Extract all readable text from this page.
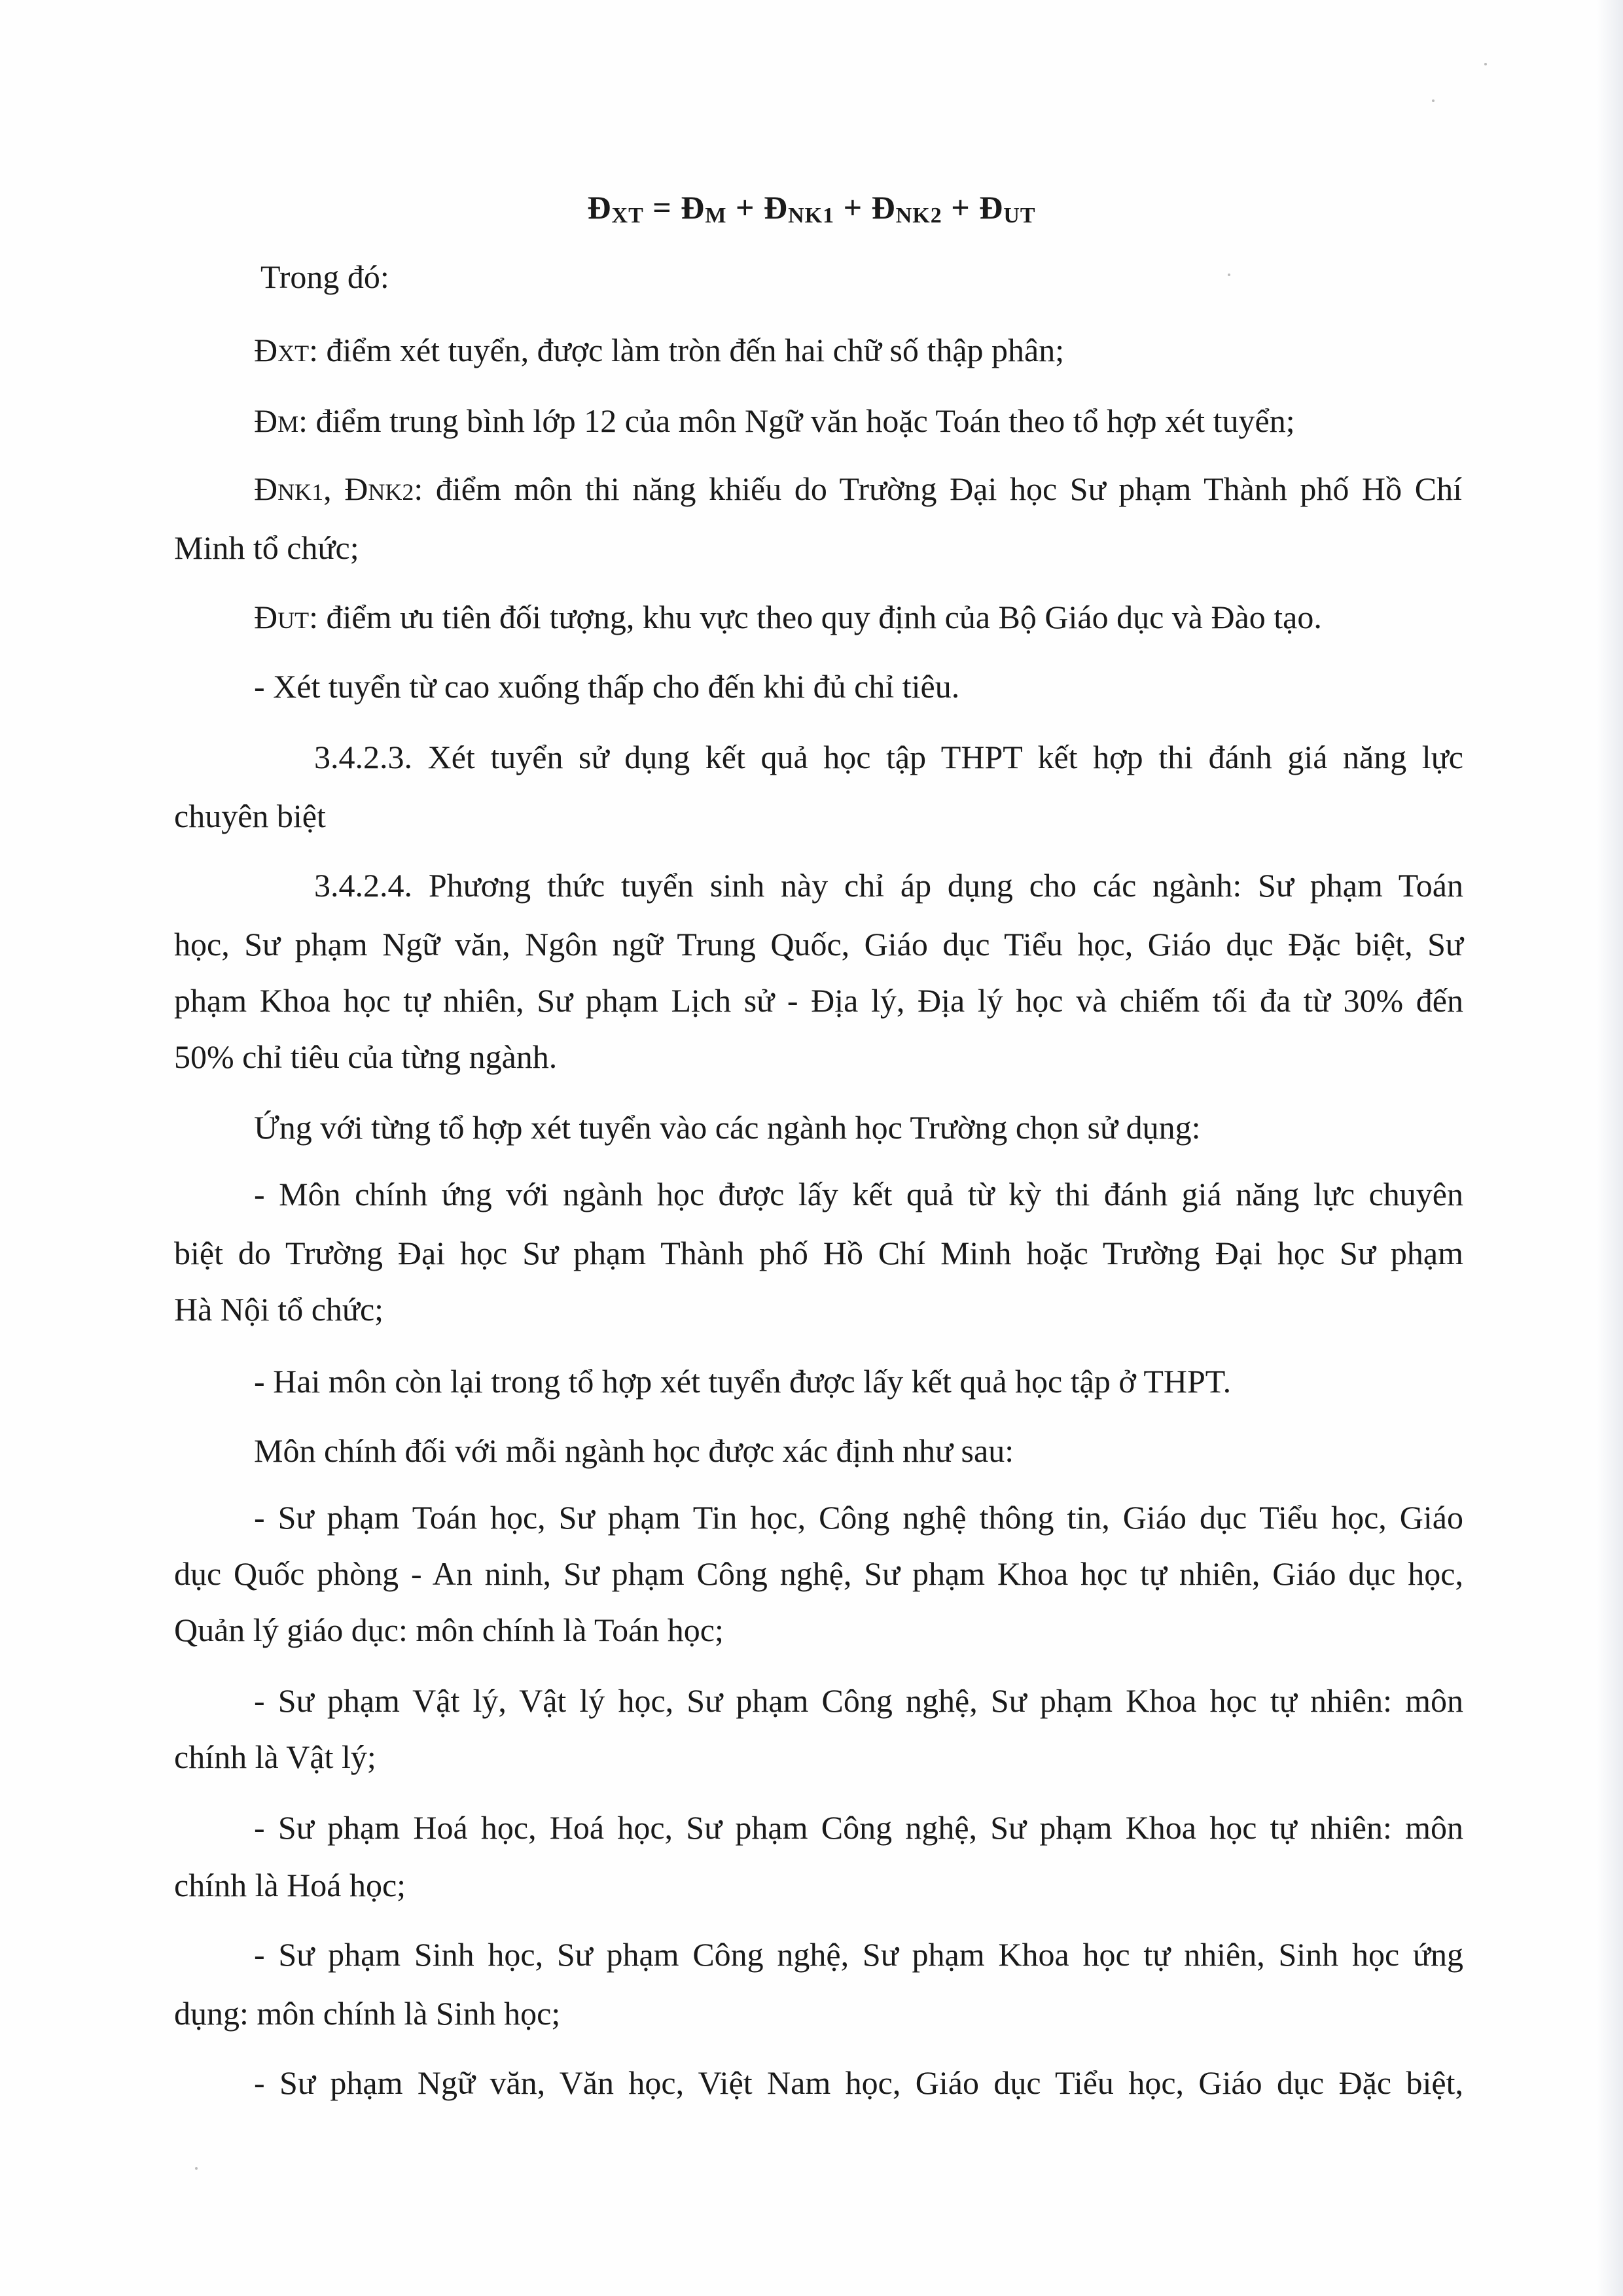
$Đ_{XT}$ = $Đ_M$ + $Đ_{NK1}$ + $Đ_{NK2}$ + $Đ_{UT}$
Trong đó:
ĐXT: điểm xét tuyển, được làm tròn đến hai chữ số thập phân;
ĐM: điểm trung bình lớp 12 của môn Ngữ văn hoặc Toán theo tổ hợp xét tuyển;
ĐNK1, ĐNK2: điểm môn thi năng khiếu do Trường Đại học Sư phạm Thành phố Hồ Chí
Minh tổ chức;
ĐUT: điểm ưu tiên đối tượng, khu vực theo quy định của Bộ Giáo dục và Đào tạo.
- Xét tuyển từ cao xuống thấp cho đến khi đủ chỉ tiêu.
3.4.2.3. Xét tuyển sử dụng kết quả học tập THPT kết hợp thi đánh giá năng lực
chuyên biệt
3.4.2.4. Phương thức tuyển sinh này chỉ áp dụng cho các ngành: Sư phạm Toán
học, Sư phạm Ngữ văn, Ngôn ngữ Trung Quốc, Giáo dục Tiểu học, Giáo dục Đặc biệt, Sư
phạm Khoa học tự nhiên, Sư phạm Lịch sử - Địa lý, Địa lý học và chiếm tối đa từ 30% đến
50% chỉ tiêu của từng ngành.
Ứng với từng tổ hợp xét tuyển vào các ngành học Trường chọn sử dụng:
- Môn chính ứng với ngành học được lấy kết quả từ kỳ thi đánh giá năng lực chuyên
biệt do Trường Đại học Sư phạm Thành phố Hồ Chí Minh hoặc Trường Đại học Sư phạm
Hà Nội tổ chức;
- Hai môn còn lại trong tổ hợp xét tuyển được lấy kết quả học tập ở THPT.
Môn chính đối với mỗi ngành học được xác định như sau:
- Sư phạm Toán học, Sư phạm Tin học, Công nghệ thông tin, Giáo dục Tiểu học, Giáo
dục Quốc phòng - An ninh, Sư phạm Công nghệ, Sư phạm Khoa học tự nhiên, Giáo dục học,
Quản lý giáo dục: môn chính là Toán học;
- Sư phạm Vật lý, Vật lý học, Sư phạm Công nghệ, Sư phạm Khoa học tự nhiên: môn
chính là Vật lý;
- Sư phạm Hoá học, Hoá học, Sư phạm Công nghệ, Sư phạm Khoa học tự nhiên: môn
chính là Hoá học;
- Sư phạm Sinh học, Sư phạm Công nghệ, Sư phạm Khoa học tự nhiên, Sinh học ứng
dụng: môn chính là Sinh học;
- Sư phạm Ngữ văn, Văn học, Việt Nam học, Giáo dục Tiểu học, Giáo dục Đặc biệt,
